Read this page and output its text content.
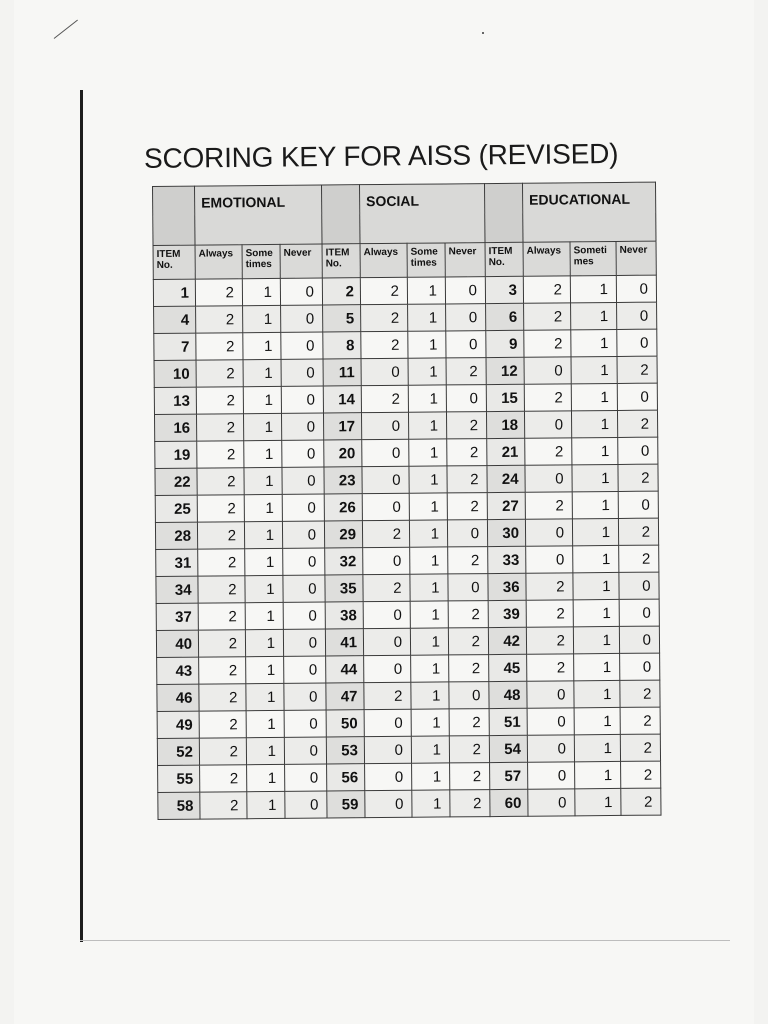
SCORING KEY FOR AISS (REVISED)
	EMOTIONAL				SOCIAL				EDUCATIONAL		
ITEM No.	Always	Some times	Never	ITEM No.	Always	Some times	Never	ITEM No.	Always	Someti mes	Never
1	2	1	0	2	2	1	0	3	2	1	0
4	2	1	0	5	2	1	0	6	2	1	0
7	2	1	0	8	2	1	0	9	2	1	0
10	2	1	0	11	0	1	2	12	0	1	2
13	2	1	0	14	2	1	0	15	2	1	0
16	2	1	0	17	0	1	2	18	0	1	2
19	2	1	0	20	0	1	2	21	2	1	0
22	2	1	0	23	0	1	2	24	0	1	2
25	2	1	0	26	0	1	2	27	2	1	0
28	2	1	0	29	2	1	0	30	0	1	2
31	2	1	0	32	0	1	2	33	0	1	2
34	2	1	0	35	2	1	0	36	2	1	0
37	2	1	0	38	0	1	2	39	2	1	0
40	2	1	0	41	0	1	2	42	2	1	0
43	2	1	0	44	0	1	2	45	2	1	0
46	2	1	0	47	2	1	0	48	0	1	2
49	2	1	0	50	0	1	2	51	0	1	2
52	2	1	0	53	0	1	2	54	0	1	2
55	2	1	0	56	0	1	2	57	0	1	2
58	2	1	0	59	0	1	2	60	0	1	2
